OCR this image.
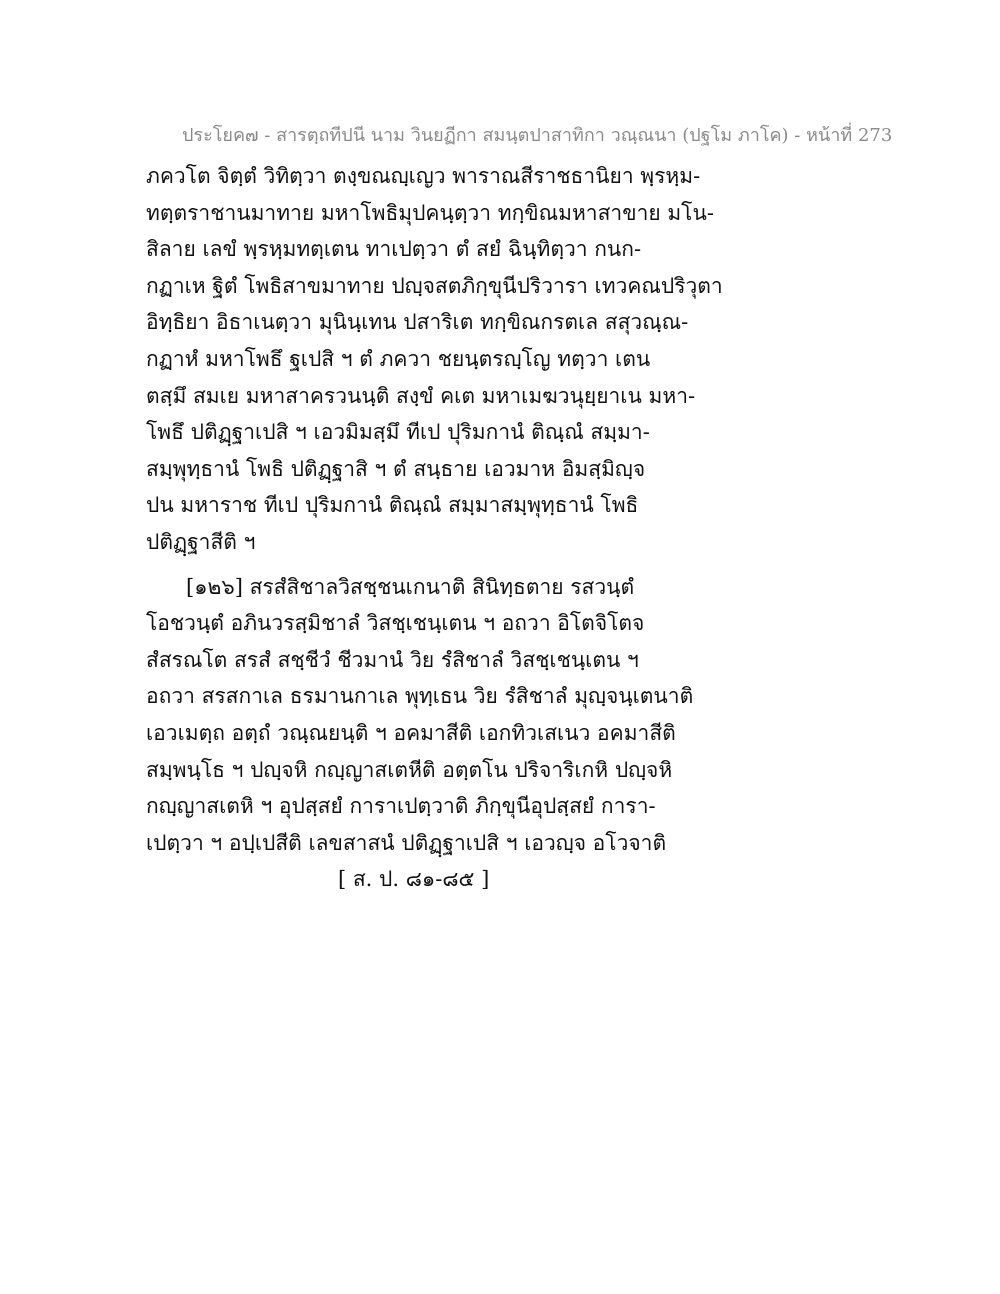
ประโยค๗ - สารตฺถทีปนี นาม วินยฏีกา สมนฺตปาสาทิกา วณฺณนา (ปฐโม ภาโค) - หน้าที่ 273
ภควโต จิตฺตํ วิทิตฺวา ตงฺขณญฺเญว พาราณสีราชธานิยา พฺรหฺม-
ทตฺตราชานมาทาย มหาโพธิมุปคนฺตฺวา ทกฺขิณมหาสาขาย มโน-
สิลาย เลขํ พฺรหฺมทตฺเตน ทาเปตฺวา ตํ สยํ ฉินฺทิตฺวา กนก-
กฏาเห ฐิตํ โพธิสาขมาทาย ปญฺจสตภิกฺขุนีปริวารา เทวคณปริวุตา
อิทฺธิยา อิธาเนตฺวา มุนินฺเทน ปสาริเต ทกฺขิณกรตเล สสุวณฺณ-
กฏาหํ มหาโพธึ ฐเปสิ ฯ ตํ ภควา ชยนฺตรญฺโญ ทตฺวา เตน
ตสฺมึ สมเย มหาสาครวนนฺติ สงฺขํ คเต มหาเมฆวนุยฺยาเน มหา-
โพธึ ปติฏฺฐาเปสิ ฯ เอวมิมสฺมึ ทีเป ปุริมกานํ ติณฺณํ สมฺมา-
สมฺพุทฺธานํ โพธิ ปติฏฺฐาสิ ฯ ตํ สนฺธาย เอวมาห อิมสฺมิญฺจ
ปน มหาราช ทีเป ปุริมกานํ ติณฺณํ สมฺมาสมฺพุทฺธานํ โพธิ
ปติฏฺฐาสีติ ฯ
[๑๒๖] สรสํสิชาลวิสชฺชนเกนาติ สินิทฺธตาย รสวนฺตํ
โอชวนฺตํ อภินวรสฺมิชาลํ วิสชฺเชนฺเตน ฯ อถวา อิโตจิโตจ
สํสรณโต สรสํ สชฺชีวํ ชีวมานํ วิย รํสิชาลํ วิสชฺเชนฺเตน ฯ
อถวา สรสกาเล ธรมานกาเล พุทฺเธน วิย รํสิชาลํ มุญฺจนฺเตนาติ
เอวเมตฺถ อตฺถํ วณฺณยนฺติ ฯ อคมาสีติ เอกทิวเสเนว อคมาสีติ
สมฺพนฺโธ ฯ ปญฺจหิ กญฺญาสเตหีติ อตฺตโน ปริจาริเกหิ ปญฺจหิ
กญฺญาสเตหิ ฯ อุปสฺสยํ การาเปตฺวาติ ภิกฺขุนีอุปสฺสยํ การา-
เปตฺวา ฯ อปฺเปสีติ เลขสาสนํ ปติฏฺฐาเปสิ ฯ เอวญฺจ อโวจาติ
[ ส. ป. ๘๑-๘๕ ]
